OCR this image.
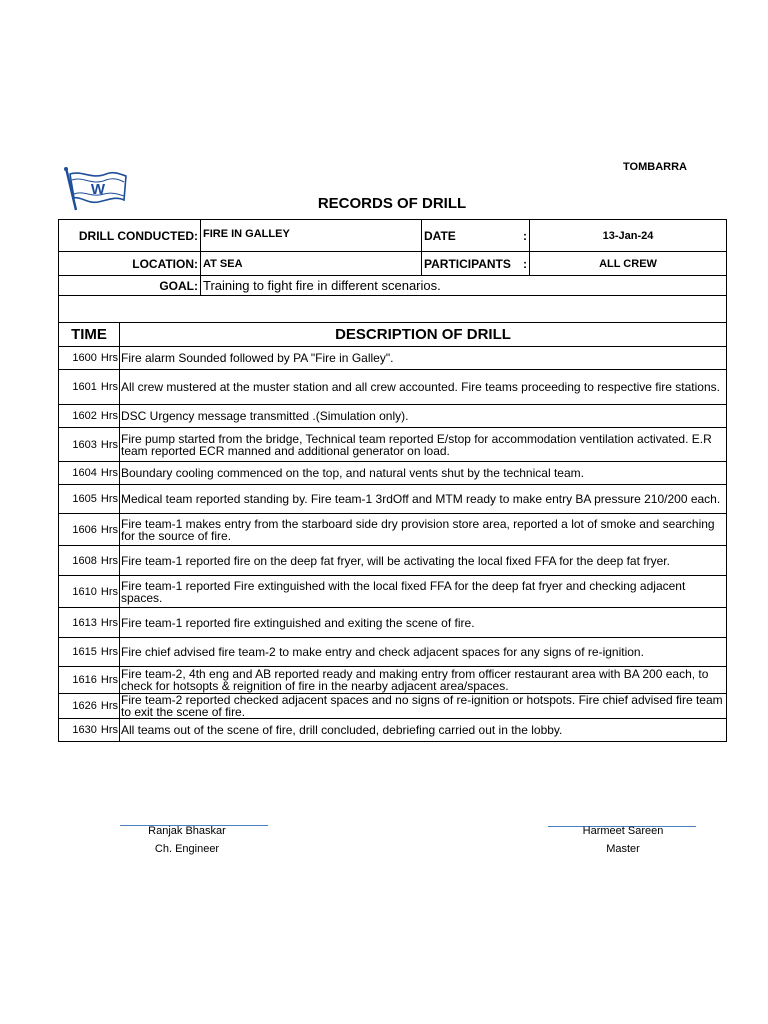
TOMBARRA
W
RECORDS OF DRILL
DRILL CONDUCTED:	FIRE IN GALLEY	DATE :	13-Jan-24
LOCATION:	AT SEA	PARTICIPANTS :	ALL CREW
GOAL:	Training to fight fire in different scenarios.		

TIME	DESCRIPTION OF DRILL
1600 Hrs	Fire alarm Sounded followed by PA "Fire in Galley".
1601 Hrs	All crew mustered at the muster station and all crew accounted. Fire teams proceeding to respective fire stations.
1602 Hrs	DSC Urgency message transmitted .(Simulation only).
1603 Hrs	Fire pump started from the bridge, Technical team reported E/stop for accommodation ventilation activated. E.R team reported ECR manned and additional generator on load.
1604 Hrs	Boundary cooling commenced on the top, and natural vents shut by the technical team.
1605 Hrs	Medical team reported standing by. Fire team-1 3rdOff and MTM ready to make entry BA pressure 210/200 each.
1606 Hrs	Fire team-1 makes entry from the starboard side dry provision store area, reported a lot of smoke and searching for the source of fire.
1608 Hrs	Fire team-1 reported fire on the deep fat fryer, will be activating the local fixed FFA for the deep fat fryer.
1610 Hrs	Fire team-1 reported Fire extinguished with the local fixed FFA for the deep fat fryer and checking adjacent spaces.
1613 Hrs	Fire team-1 reported fire extinguished and exiting the scene of fire.
1615 Hrs	Fire chief advised fire team-2 to make entry and check adjacent spaces for any signs of re-ignition.
1616 Hrs	Fire team-2, 4th eng and AB reported ready and making entry from officer restaurant area with BA 200 each, to check for hotsopts & reignition of fire in the nearby adjacent area/spaces.
1626 Hrs	Fire team-2 reported checked adjacent spaces and no signs of re-ignition or hotspots. Fire chief advised fire team to exit the scene of fire.
1630 Hrs	All teams out of the scene of fire, drill concluded, debriefing carried out in the lobby.
Ranjak Bhaskar
Ch. Engineer
Harmeet Sareen
Master
